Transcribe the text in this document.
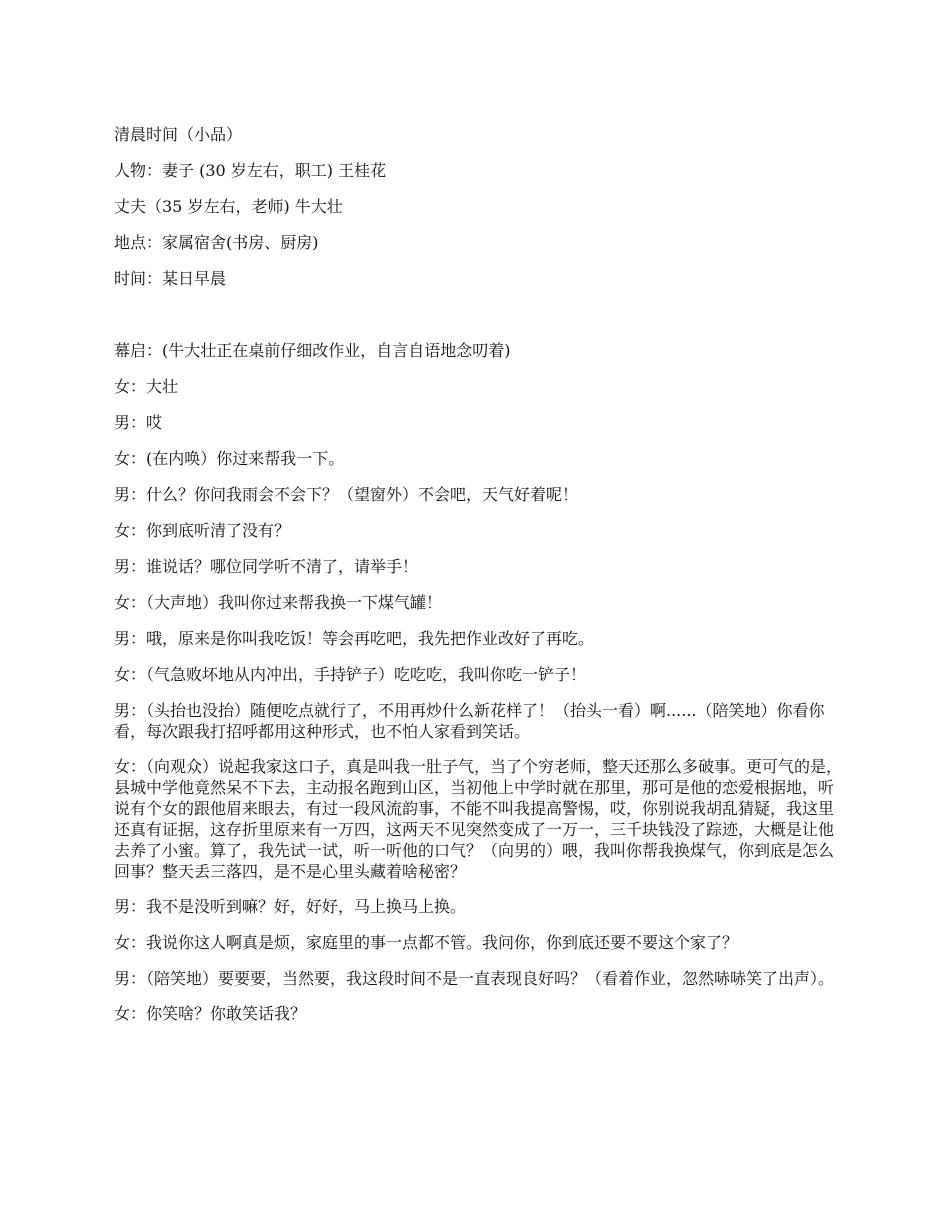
清晨时间（小品）
人物：妻子 (30 岁左右，职工) 王桂花
丈夫（35 岁左右，老师) 牛大壮
地点：家属宿舍(书房、厨房)
时间：某日早晨
幕启：(牛大壮正在桌前仔细改作业，自言自语地念叨着)
女：大壮
男：哎
女：(在内唤）你过来帮我一下。
男：什么？你问我雨会不会下？（望窗外）不会吧，天气好着呢！
女：你到底听清了没有？
男：谁说话？哪位同学听不清了，请举手！
女：（大声地）我叫你过来帮我换一下煤气罐！
男：哦，原来是你叫我吃饭！等会再吃吧，我先把作业改好了再吃。
女：（气急败坏地从内冲出，手持铲子）吃吃吃，我叫你吃一铲子！
男：（头抬也没抬）随便吃点就行了，不用再炒什么新花样了！（抬头一看）啊......（陪笑地）你看你看，每次跟我打招呼都用这种形式，也不怕人家看到笑话。
女：（向观众）说起我家这口子，真是叫我一肚子气，当了个穷老师，整天还那么多破事。更可气的是，县城中学他竟然呆不下去，主动报名跑到山区，当初他上中学时就在那里，那可是他的恋爱根据地，听说有个女的跟他眉来眼去，有过一段风流韵事，不能不叫我提高警惕，哎，你别说我胡乱猜疑，我这里还真有证据，这存折里原来有一万四，这两天不见突然变成了一万一，三千块钱没了踪迹，大概是让他去养了小蜜。算了，我先试一试，听一听他的口气？（向男的）喂，我叫你帮我换煤气，你到底是怎么回事？整天丢三落四，是不是心里头藏着啥秘密？
男：我不是没听到嘛？好，好好，马上换马上换。
女：我说你这人啊真是烦，家庭里的事一点都不管。我问你，你到底还要不要这个家了？
男：（陪笑地）要要要，当然要，我这段时间不是一直表现良好吗？（看着作业，忽然哧哧笑了出声）。
女：你笑啥？你敢笑话我？
